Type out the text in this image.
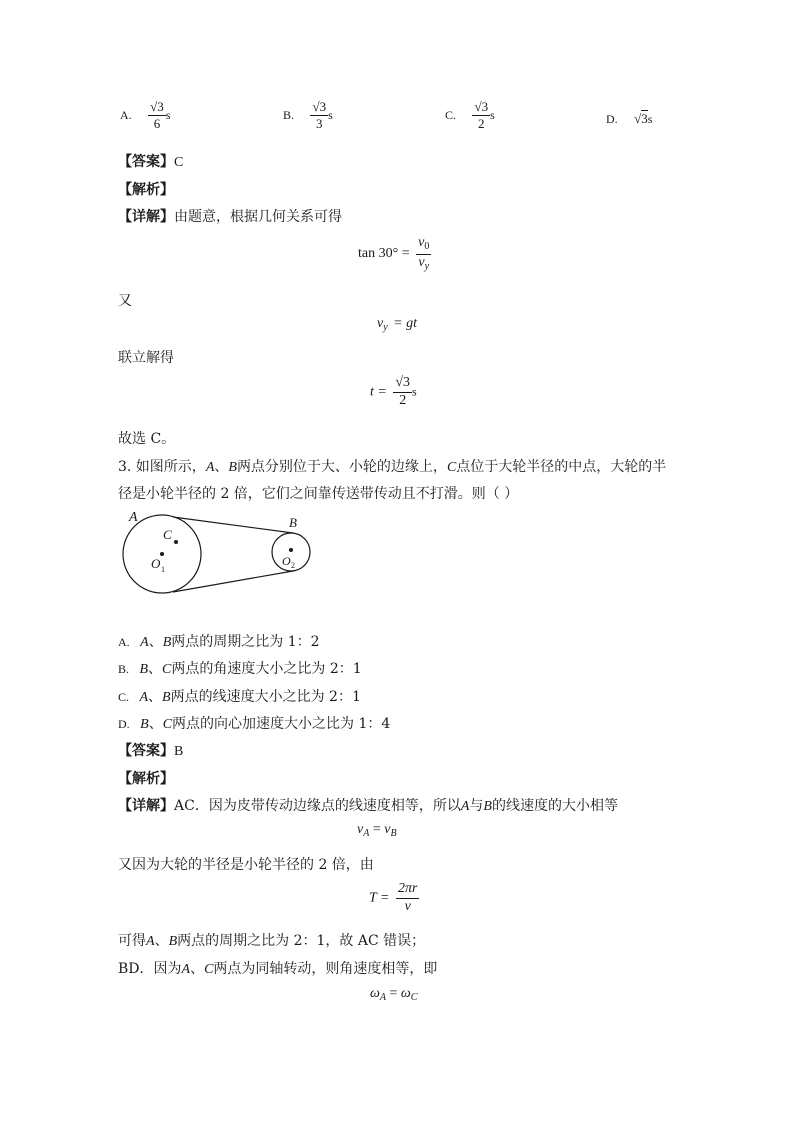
A. $\frac{√3}{6}$ s	B. $\frac{√3}{3}$ s	C. $\frac{√3}{2}$ s	D. √3s
【答案】C
【解析】
【详解】由题意，根据几何关系可得
$\tan 30^\circ = \frac{v_0}{v_y}$
又
$v_y$ = gt
联立解得
$t = \frac{√3}{2}$ s
故选 C。
3. 如图所示，A、B两点分别位于大、小轮的边缘上，C点位于大轮半径的中点，大轮的半
径是小轮半径的 2 倍，它们之间靠传送带传动且不打滑。则（ ）
A	B
C
O 1
O 2
A. A、B两点的周期之比为 1：2
B. B、C两点的角速度大小之比为 2：1
C. A、B两点的线速度大小之比为 2：1
D. B、C两点的向心加速度大小之比为 1：4
【答案】B
【解析】
【详解】AC．因为皮带传动边缘点的线速度相等，所以A与B的线速度的大小相等
$v_A = v_B$
又因为大轮的半径是小轮半径的 2 倍，由
$T = \frac{2\pi r}{v}$
可得A、B两点的周期之比为 2：1，故 AC 错误；
BD．因为A、C两点为同轴转动，则角速度相等，即
$\omega_A = \omega_C$
